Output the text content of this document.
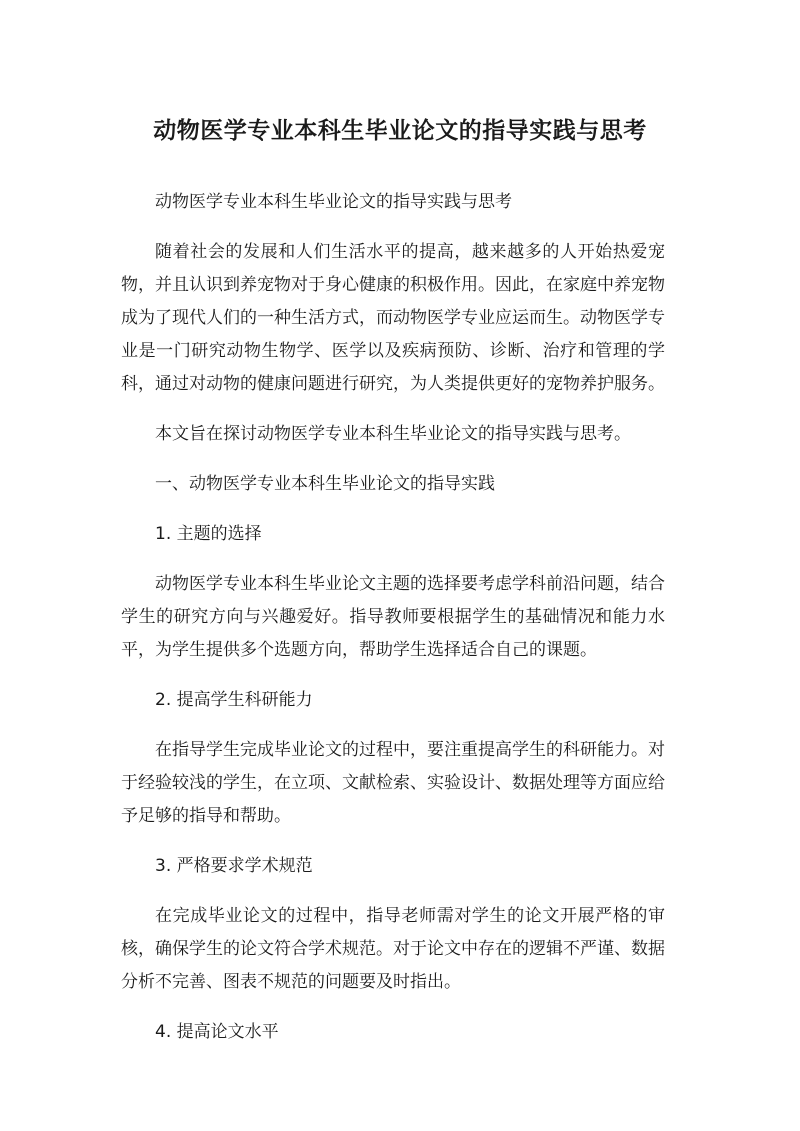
动物医学专业本科生毕业论文的指导实践与思考

动物医学专业本科生毕业论文的指导实践与思考

随着社会的发展和人们生活水平的提高，越来越多的人开始热爱宠物，并且认识到养宠物对于身心健康的积极作用。因此，在家庭中养宠物成为了现代人们的一种生活方式，而动物医学专业应运而生。动物医学专业是一门研究动物生物学、医学以及疾病预防、诊断、治疗和管理的学科，通过对动物的健康问题进行研究，为人类提供更好的宠物养护服务。

本文旨在探讨动物医学专业本科生毕业论文的指导实践与思考。

一、动物医学专业本科生毕业论文的指导实践

1. 主题的选择

动物医学专业本科生毕业论文主题的选择要考虑学科前沿问题，结合学生的研究方向与兴趣爱好。指导教师要根据学生的基础情况和能力水平，为学生提供多个选题方向，帮助学生选择适合自己的课题。

2. 提高学生科研能力

在指导学生完成毕业论文的过程中，要注重提高学生的科研能力。对于经验较浅的学生，在立项、文献检索、实验设计、数据处理等方面应给予足够的指导和帮助。

3. 严格要求学术规范

在完成毕业论文的过程中，指导老师需对学生的论文开展严格的审核，确保学生的论文符合学术规范。对于论文中存在的逻辑不严谨、数据分析不完善、图表不规范的问题要及时指出。

4. 提高论文水平
